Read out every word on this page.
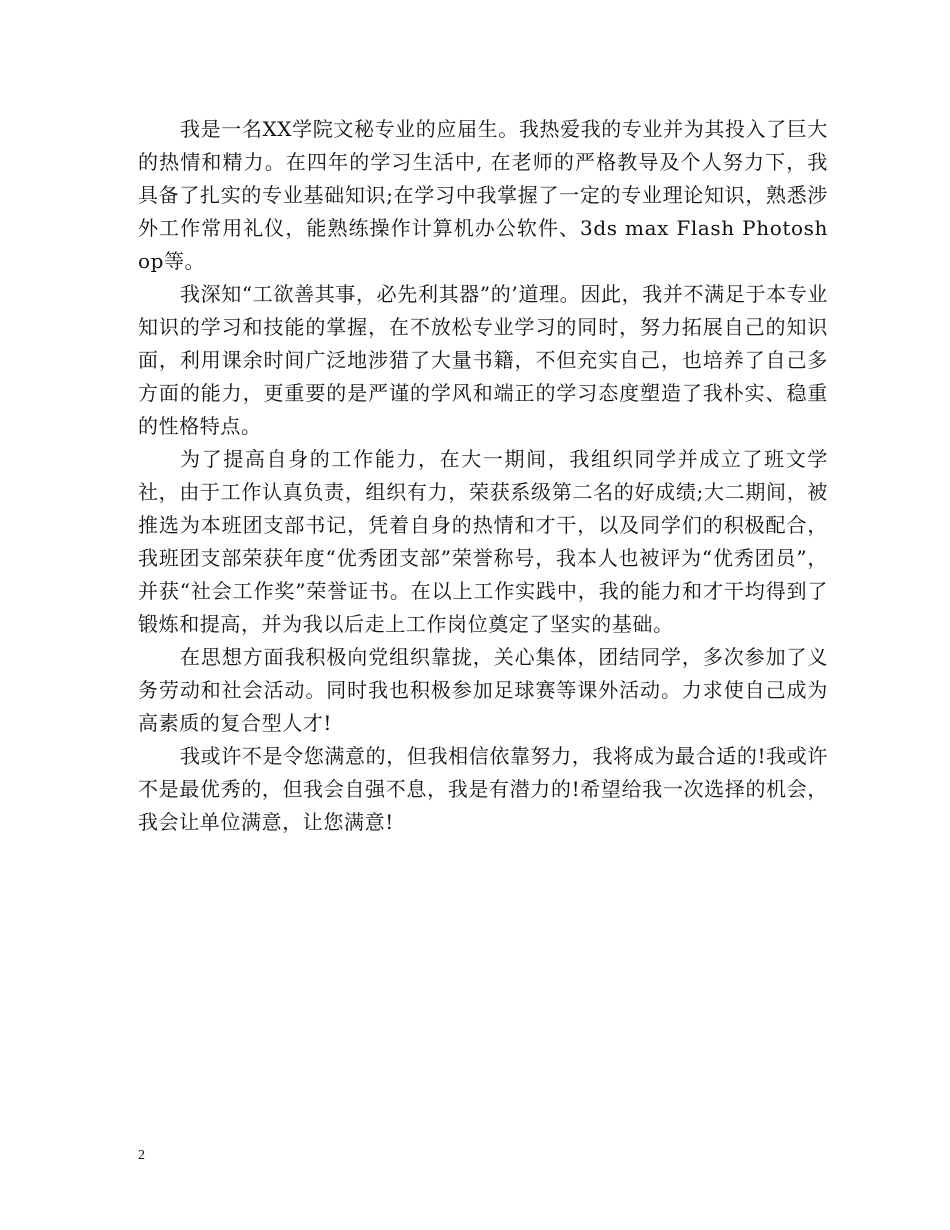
我是一名XX学院文秘专业的应届生。我热爱我的专业并为其投入了巨大的热情和精力。在四年的学习生活中, 在老师的严格教导及个人努力下，我具备了扎实的专业基础知识;在学习中我掌握了一定的专业理论知识，熟悉涉外工作常用礼仪，能熟练操作计算机办公软件、3ds max Flash Photoshop等。

我深知“工欲善其事，必先利其器”的’道理。因此，我并不满足于本专业知识的学习和技能的掌握，在不放松专业学习的同时，努力拓展自己的知识面，利用课余时间广泛地涉猎了大量书籍，不但充实自己，也培养了自己多方面的能力，更重要的是严谨的学风和端正的学习态度塑造了我朴实、稳重的性格特点。

为了提高自身的工作能力，在大一期间，我组织同学并成立了班文学社，由于工作认真负责，组织有力，荣获系级第二名的好成绩;大二期间，被推选为本班团支部书记，凭着自身的热情和才干，以及同学们的积极配合，我班团支部荣获年度“优秀团支部”荣誉称号，我本人也被评为“优秀团员”，并获“社会工作奖”荣誉证书。在以上工作实践中，我的能力和才干均得到了锻炼和提高，并为我以后走上工作岗位奠定了坚实的基础。

在思想方面我积极向党组织靠拢，关心集体，团结同学，多次参加了义务劳动和社会活动。同时我也积极参加足球赛等课外活动。力求使自己成为高素质的复合型人才!

我或许不是令您满意的，但我相信依靠努力，我将成为最合适的!我或许不是最优秀的，但我会自强不息，我是有潜力的!希望给我一次选择的机会，我会让单位满意，让您满意!

2
